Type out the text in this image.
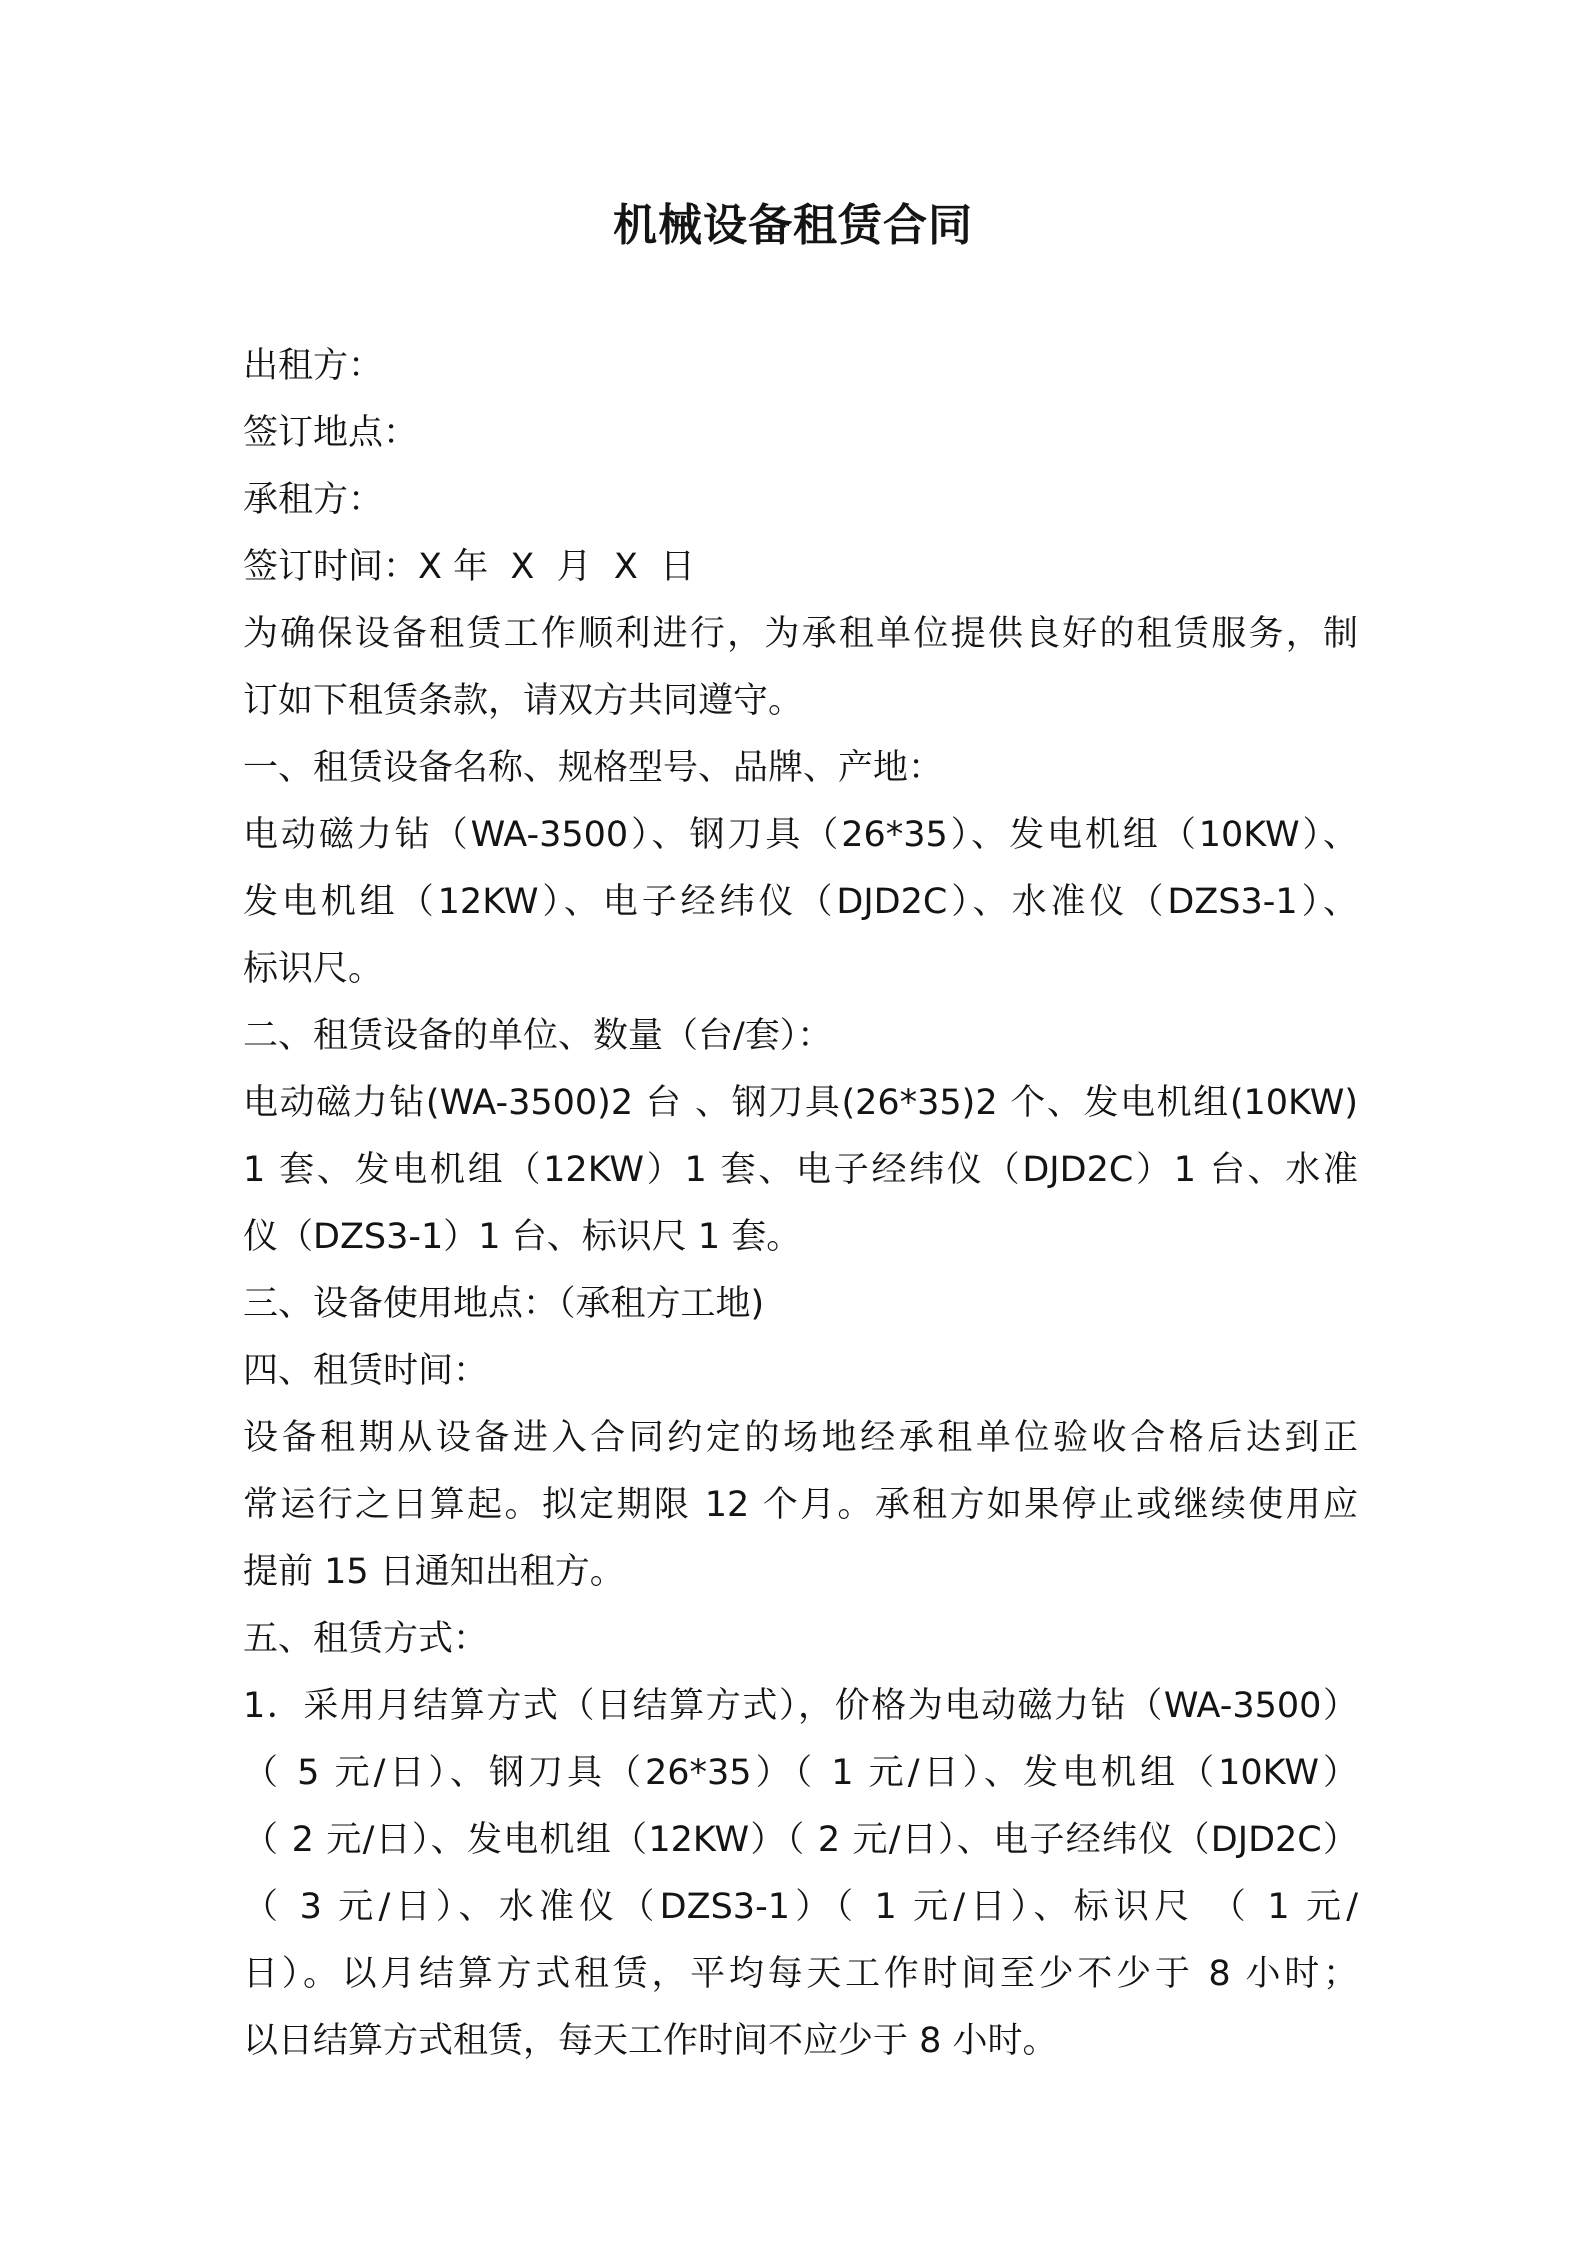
机械设备租赁合同
出租方：
签订地点：
承租方：
签订时间：X 年  X  月  X  日
为确保设备租赁工作顺利进行，为承租单位提供良好的租赁服务，制
订如下租赁条款，请双方共同遵守。
一、租赁设备名称、规格型号、品牌、产地：
电动磁力钻（WA-3500）、钢刀具（26*35）、发电机组（10KW）、
发电机组（12KW）、电子经纬仪（DJD2C）、水准仪（DZS3-1）、
标识尺。
二、租赁设备的单位、数量（台/套）：
电动磁力钻(WA-3500)2 台 、钢刀具(26*35)2 个、发电机组(10KW)
1 套、发电机组（12KW）1 套、电子经纬仪（DJD2C）1 台、水准
仪（DZS3-1）1 台、标识尺 1 套。
三、设备使用地点：（承租方工地)
四、租赁时间：
设备租期从设备进入合同约定的场地经承租单位验收合格后达到正
常运行之日算起。拟定期限 12 个月。承租方如果停止或继续使用应
提前 15 日通知出租方。
五、租赁方式：
1．采用月结算方式（日结算方式），价格为电动磁力钻（WA-3500）
（ 5 元/日）、钢刀具（26*35）（ 1 元/日）、发电机组（10KW）
（ 2 元/日）、发电机组（12KW）（ 2 元/日）、电子经纬仪（DJD2C）
（ 3 元/日）、水准仪（DZS3-1）（ 1 元/日）、标识尺 （ 1 元/
日）。以月结算方式租赁，平均每天工作时间至少不少于 8 小时；
以日结算方式租赁，每天工作时间不应少于 8 小时。
